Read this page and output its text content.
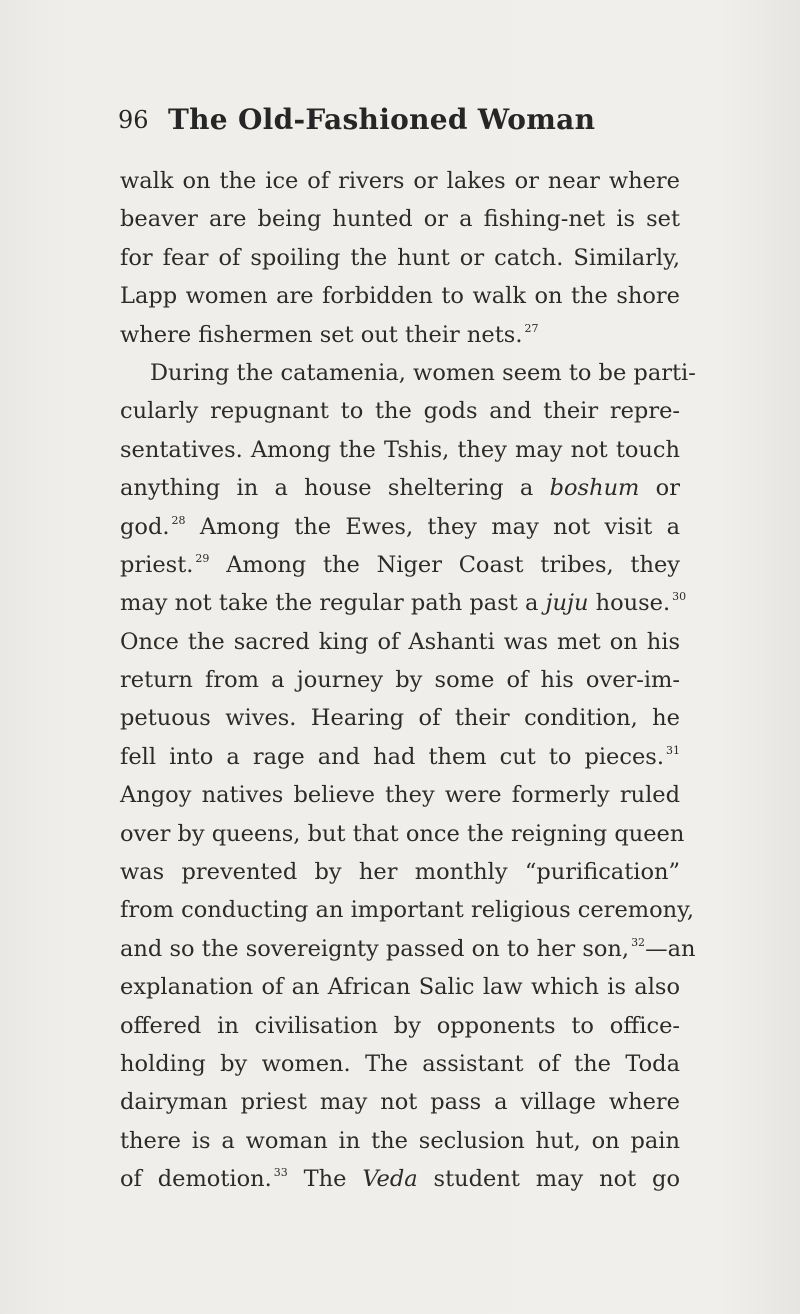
96 The Old-Fashioned Woman
walk on the ice of rivers or lakes or near where
beaver are being hunted or a fishing-net is set
for fear of spoiling the hunt or catch. Similarly,
Lapp women are forbidden to walk on the shore
where fishermen set out their nets. $^{27}$
During the catamenia, women seem to be parti-
cularly repugnant to the gods and their repre-
sentatives. Among the Tshis, they may not touch
anything in a house sheltering a boshum or
god. $^{28}$ Among the Ewes, they may not visit a
priest. $^{29}$ Among the Niger Coast tribes, they
may not take the regular path past a juju house. $^{30}$
Once the sacred king of Ashanti was met on his
return from a journey by some of his over-im-
petuous wives. Hearing of their condition, he
fell into a rage and had them cut to pieces. $^{31}$
Angoy natives believe they were formerly ruled
over by queens, but that once the reigning queen
was prevented by her monthly “purification”
from conducting an important religious ceremony,
and so the sovereignty passed on to her son, $^{32}$—an
explanation of an African Salic law which is also
offered in civilisation by opponents to office-
holding by women. The assistant of the Toda
dairyman priest may not pass a village where
there is a woman in the seclusion hut, on pain
of demotion. $^{33}$ The Veda student may not go
